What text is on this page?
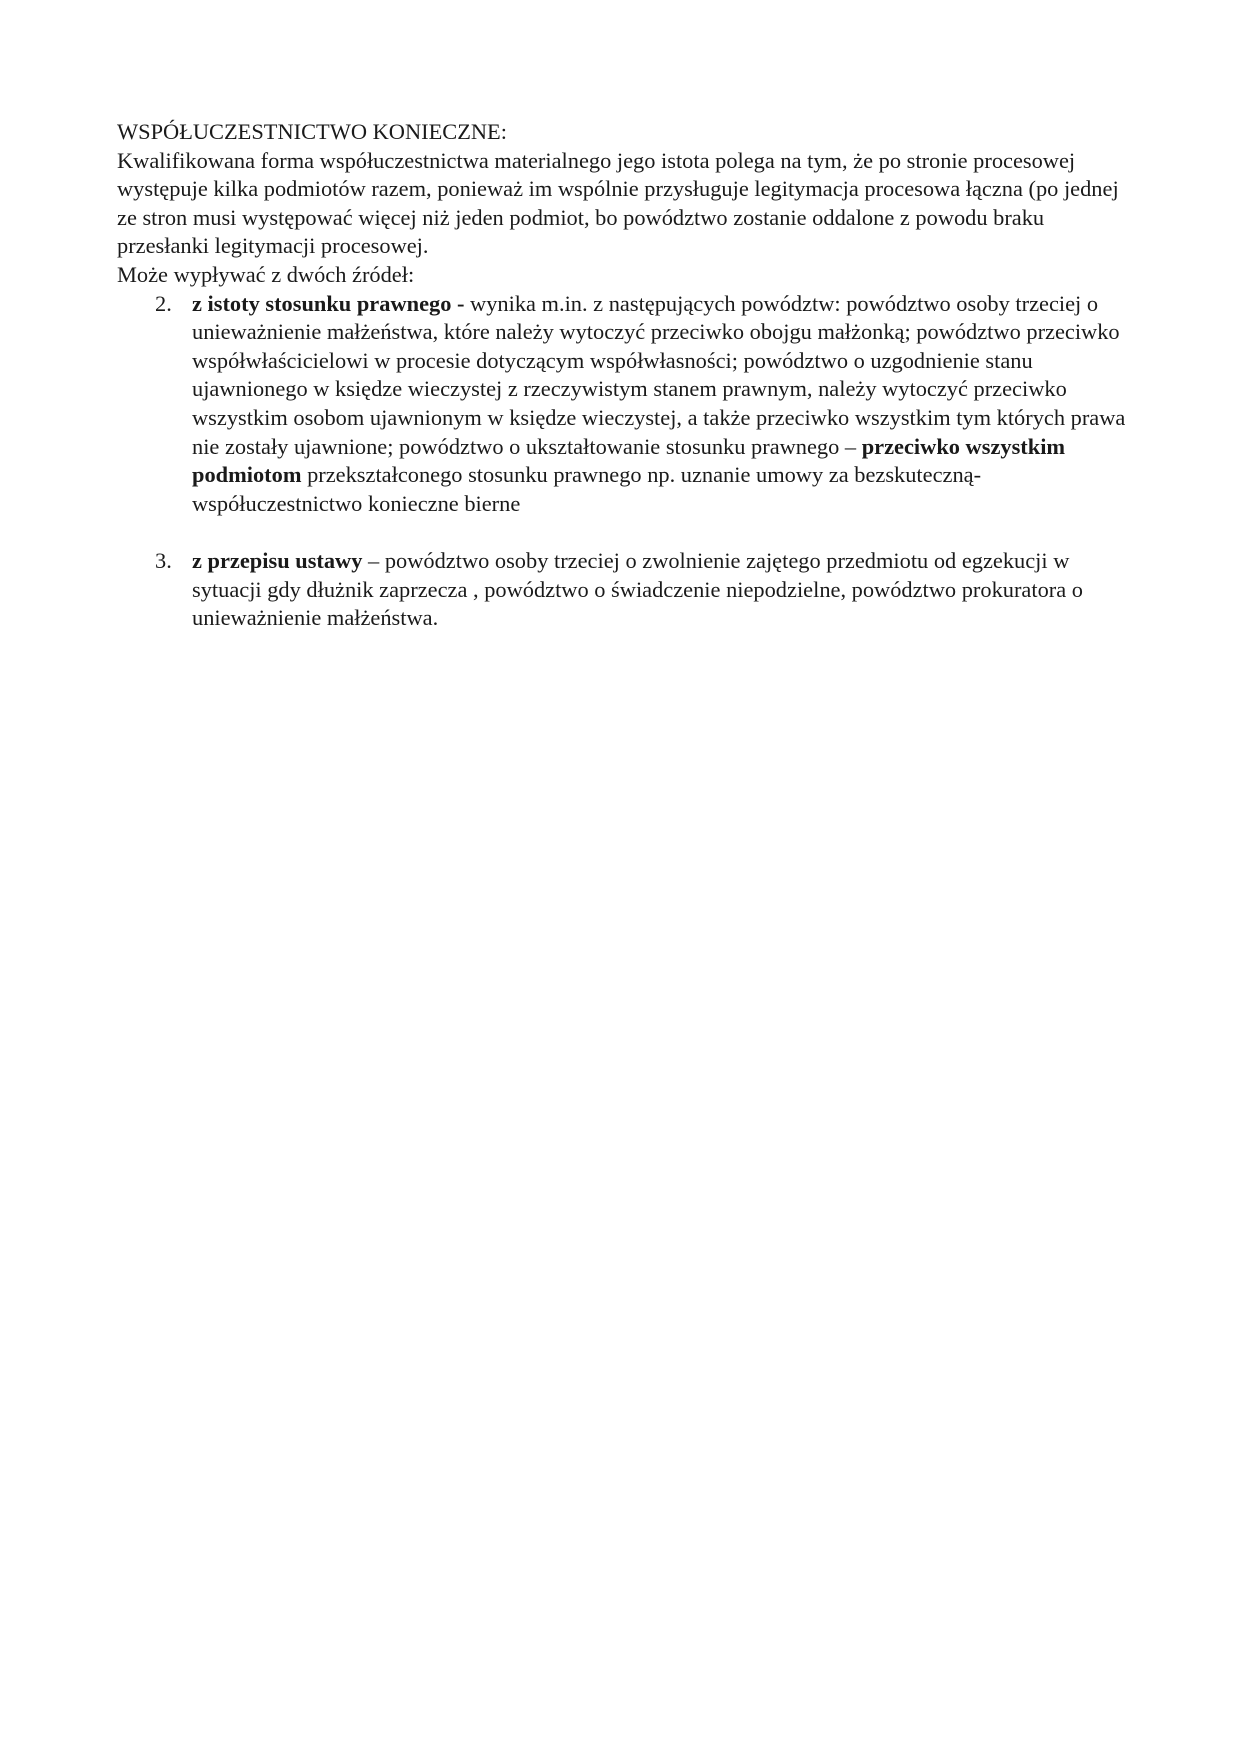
WSPÓŁUCZESTNICTWO KONIECZNE:

Kwalifikowana forma współuczestnictwa materialnego jego istota polega na tym, że po stronie procesowej występuje kilka podmiotów razem, ponieważ im wspólnie przysługuje legitymacja procesowa łączna (po jednej ze stron musi występować więcej niż jeden podmiot, bo powództwo zostanie oddalone z powodu braku przesłanki legitymacji procesowej.

Może wypływać z dwóch źródeł:

2. z istoty stosunku prawnego - wynika m.in. z następujących powództw: powództwo osoby trzeciej o unieważnienie małżeństwa, które należy wytoczyć przeciwko obojgu małżonką; powództwo przeciwko współwłaścicielowi w procesie dotyczącym współwłasności; powództwo o uzgodnienie stanu ujawnionego w księdze wieczystej z rzeczywistym stanem prawnym, należy wytoczyć przeciwko wszystkim osobom ujawnionym w księdze wieczystej, a także przeciwko wszystkim tym których prawa nie zostały ujawnione; powództwo o ukształtowanie stosunku prawnego – przeciwko wszystkim podmiotom przekształconego stosunku prawnego np. uznanie umowy za bezskuteczną- współuczestnictwo konieczne bierne
3. z przepisu ustawy – powództwo osoby trzeciej o zwolnienie zajętego przedmiotu od egzekucji w sytuacji gdy dłużnik zaprzecza , powództwo o świadczenie niepodzielne, powództwo prokuratora o unieważnienie małżeństwa.
